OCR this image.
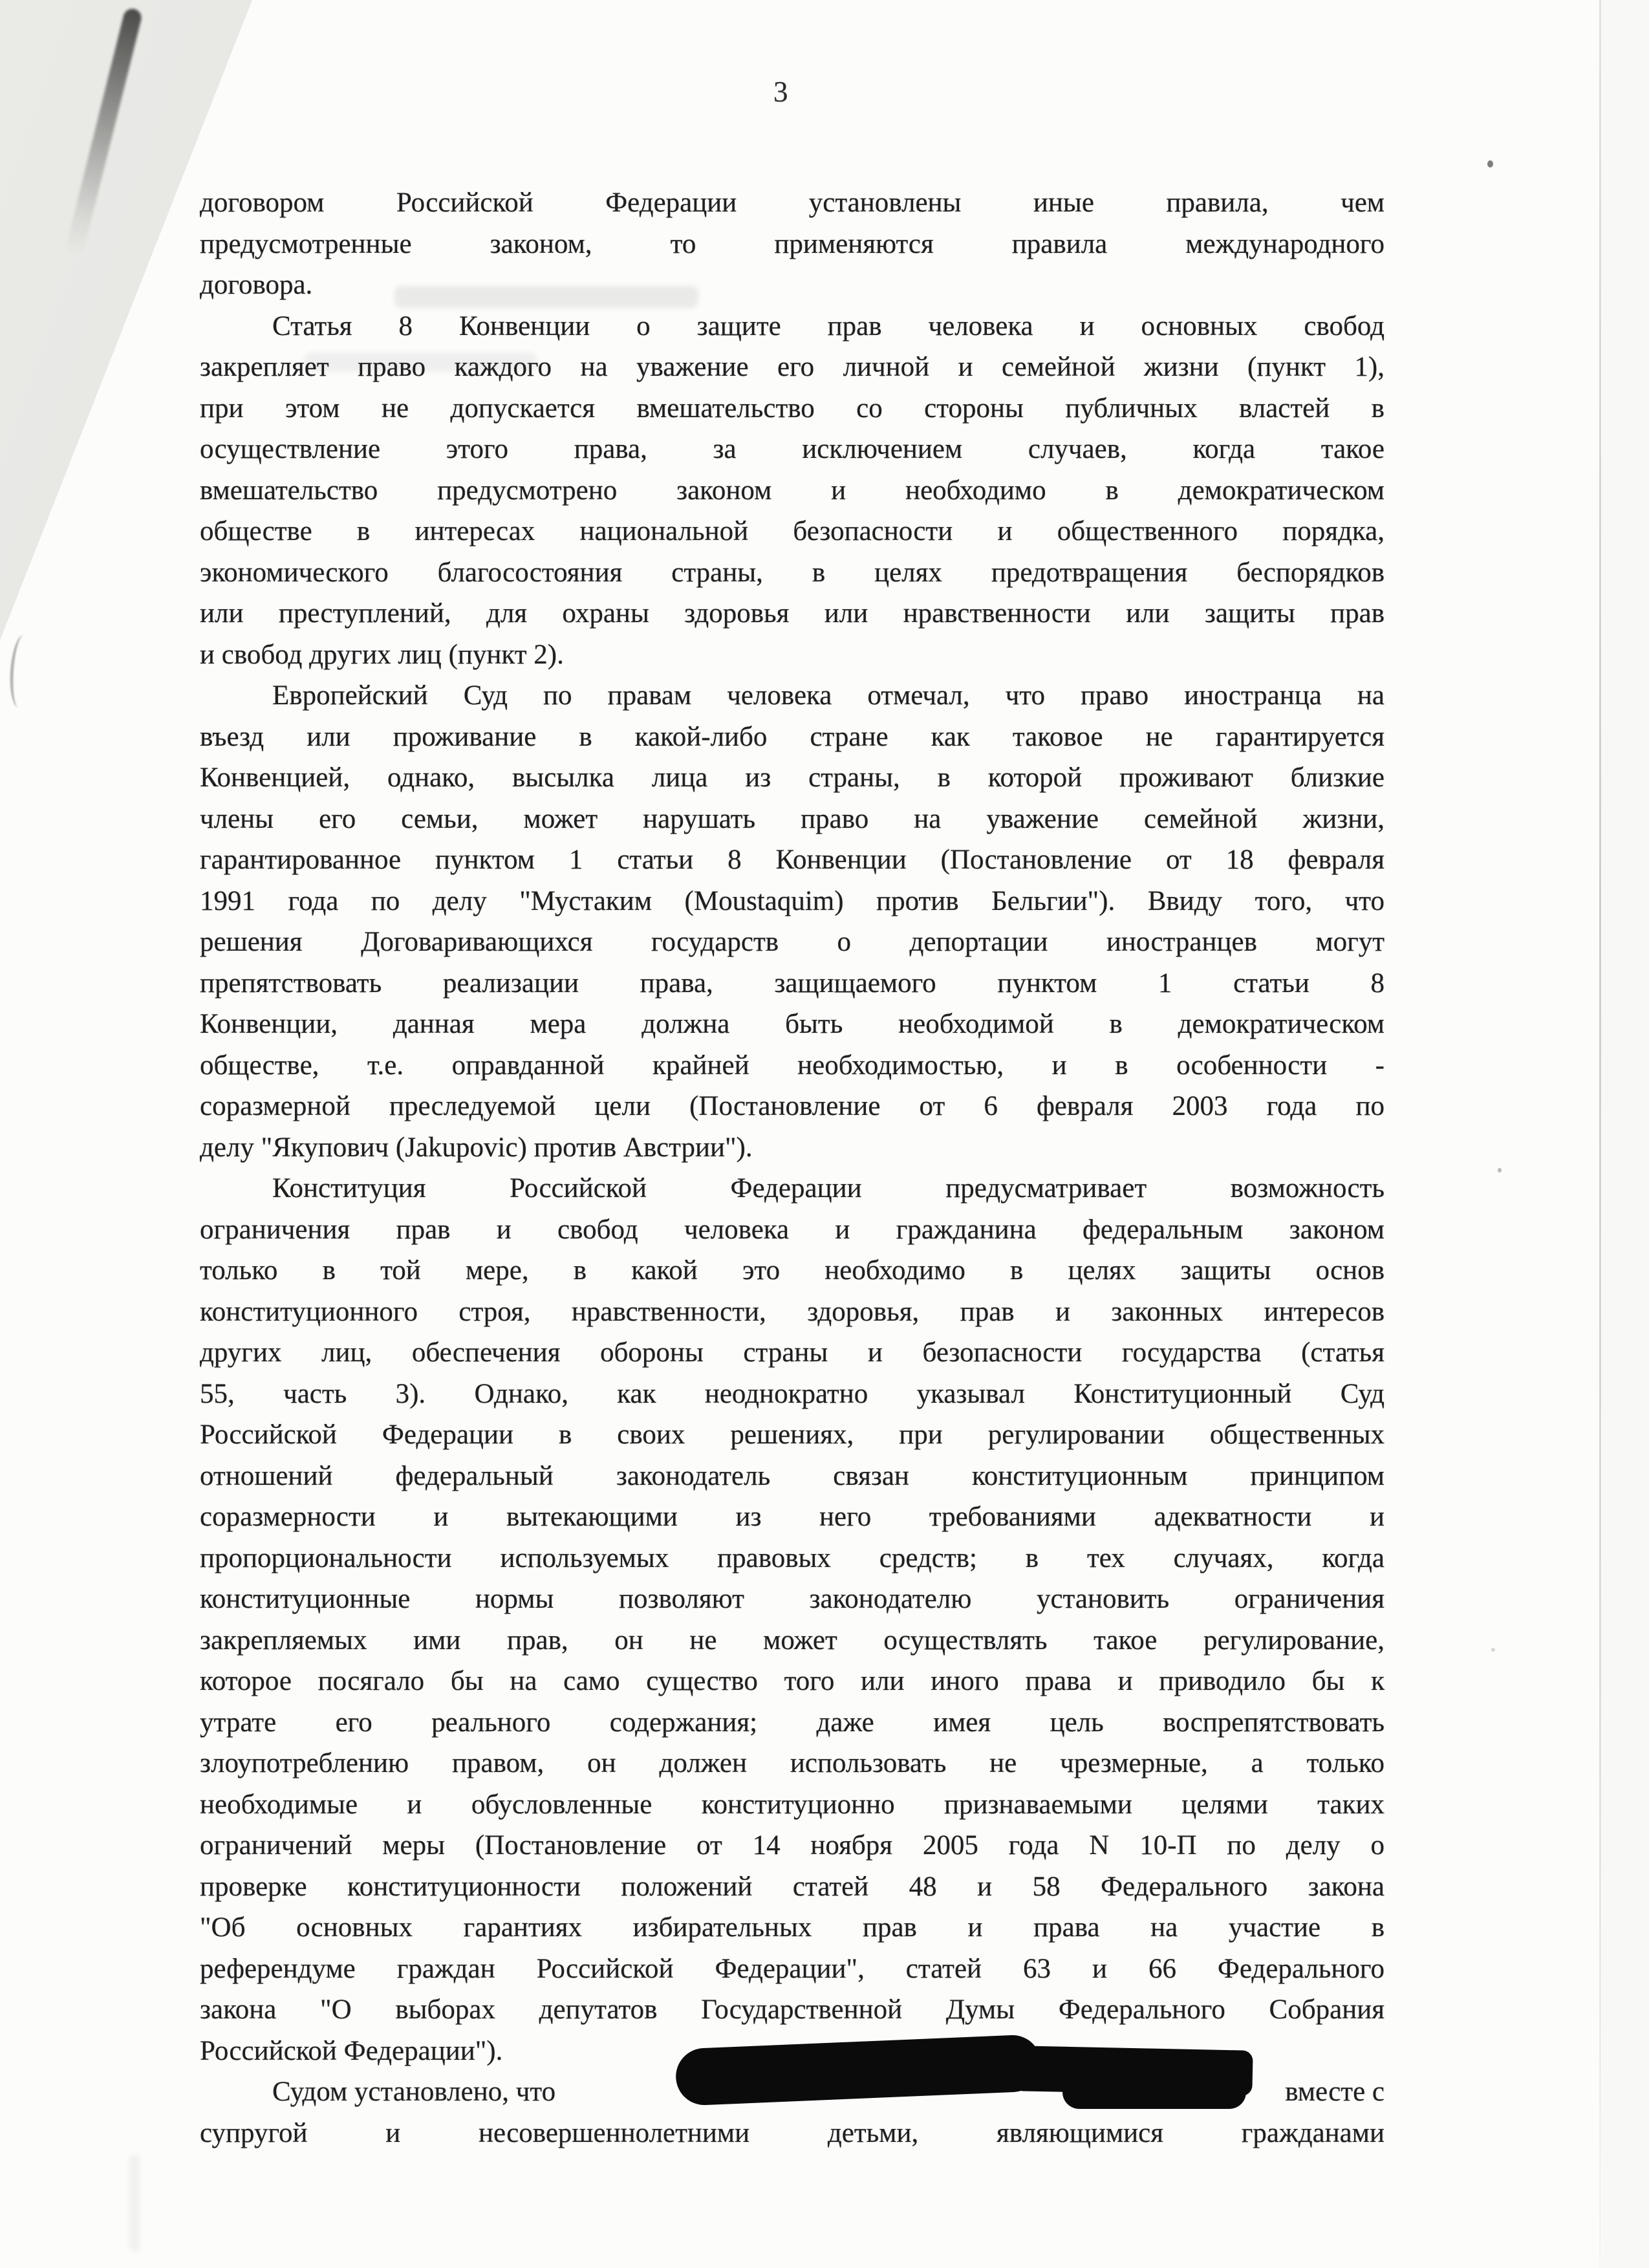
3
договором Российской Федерации установлены иные правила, чем
предусмотренные законом, то применяются правила международного
договора.
Статья 8 Конвенции о защите прав человека и основных свобод
закрепляет право каждого на уважение его личной и семейной жизни (пункт 1),
при этом не допускается вмешательство со стороны публичных властей в
осуществление этого права, за исключением случаев, когда такое
вмешательство предусмотрено законом и необходимо в демократическом
обществе в интересах национальной безопасности и общественного порядка,
экономического благосостояния страны, в целях предотвращения беспорядков
или преступлений, для охраны здоровья или нравственности или защиты прав
и свобод других лиц (пункт 2).
Европейский Суд по правам человека отмечал, что право иностранца на
въезд или проживание в какой-либо стране как таковое не гарантируется
Конвенцией, однако, высылка лица из страны, в которой проживают близкие
члены его семьи, может нарушать право на уважение семейной жизни,
гарантированное пунктом 1 статьи 8 Конвенции (Постановление от 18 февраля
1991 года по делу "Мустаким (Moustaquim) против Бельгии"). Ввиду того, что
решения Договаривающихся государств о депортации иностранцев могут
препятствовать реализации права, защищаемого пунктом 1 статьи 8
Конвенции, данная мера должна быть необходимой в демократическом
обществе, т.е. оправданной крайней необходимостью, и в особенности -
соразмерной преследуемой цели (Постановление от 6 февраля 2003 года по
делу "Якупович (Jakupovic) против Австрии").
Конституция Российской Федерации предусматривает возможность
ограничения прав и свобод человека и гражданина федеральным законом
только в той мере, в какой это необходимо в целях защиты основ
конституционного строя, нравственности, здоровья, прав и законных интересов
других лиц, обеспечения обороны страны и безопасности государства (статья
55, часть 3). Однако, как неоднократно указывал Конституционный Суд
Российской Федерации в своих решениях, при регулировании общественных
отношений федеральный законодатель связан конституционным принципом
соразмерности и вытекающими из него требованиями адекватности и
пропорциональности используемых правовых средств; в тех случаях, когда
конституционные нормы позволяют законодателю установить ограничения
закрепляемых ими прав, он не может осуществлять такое регулирование,
которое посягало бы на само существо того или иного права и приводило бы к
утрате его реального содержания; даже имея цель воспрепятствовать
злоупотреблению правом, он должен использовать не чрезмерные, а только
необходимые и обусловленные конституционно признаваемыми целями таких
ограничений меры (Постановление от 14 ноября 2005 года N 10-П по делу о
проверке конституционности положений статей 48 и 58 Федерального закона
"Об основных гарантиях избирательных прав и права на участие в
референдуме граждан Российской Федерации", статей 63 и 66 Федерального
закона "О выборах депутатов Государственной Думы Федерального Собрания
Российской Федерации").
Судом установлено, что	вместе с
супругой и несовершеннолетними детьми, являющимися гражданами
